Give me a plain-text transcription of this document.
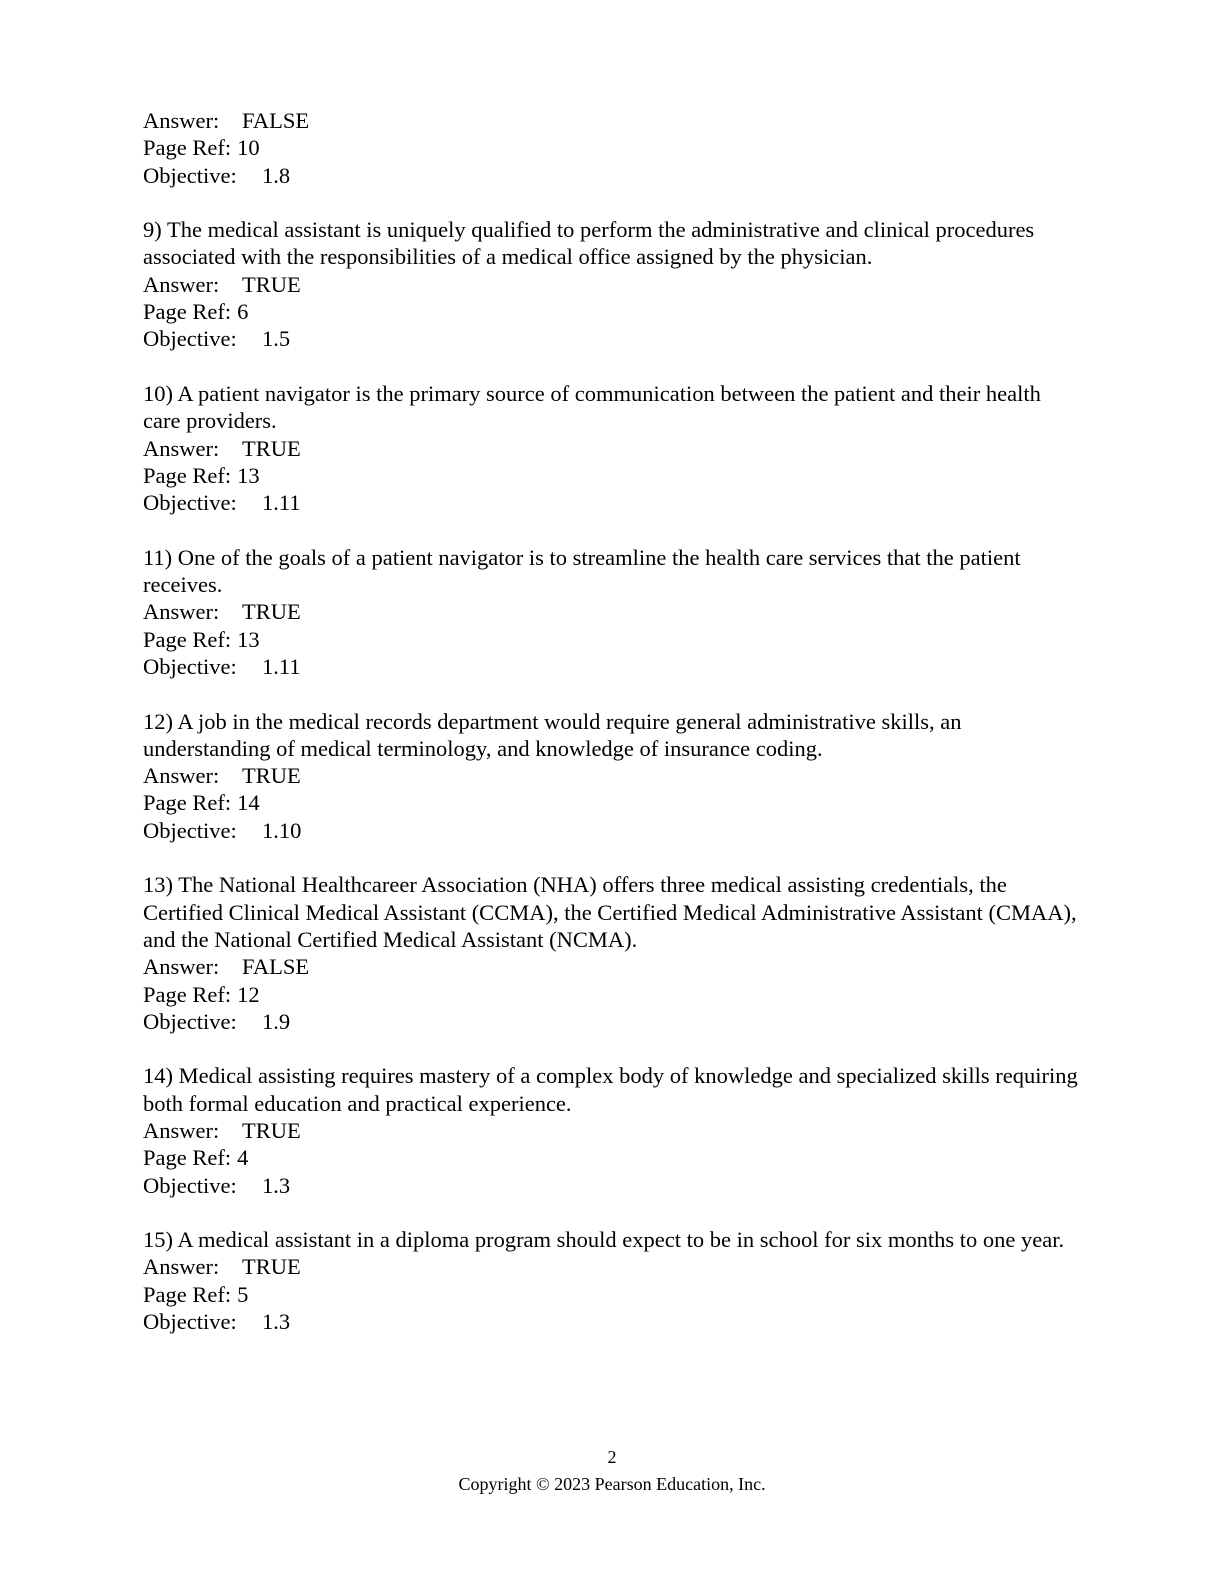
Answer: FALSE
Page Ref: 10
Objective: 1.8
9) The medical assistant is uniquely qualified to perform the administrative and clinical procedures associated with the responsibilities of a medical office assigned by the physician.
Answer: TRUE
Page Ref: 6
Objective: 1.5
10) A patient navigator is the primary source of communication between the patient and their health care providers.
Answer: TRUE
Page Ref: 13
Objective: 1.11
11) One of the goals of a patient navigator is to streamline the health care services that the patient receives.
Answer: TRUE
Page Ref: 13
Objective: 1.11
12) A job in the medical records department would require general administrative skills, an understanding of medical terminology, and knowledge of insurance coding.
Answer: TRUE
Page Ref: 14
Objective: 1.10
13) The National Healthcareer Association (NHA) offers three medical assisting credentials, the Certified Clinical Medical Assistant (CCMA), the Certified Medical Administrative Assistant (CMAA), and the National Certified Medical Assistant (NCMA).
Answer: FALSE
Page Ref: 12
Objective: 1.9
14) Medical assisting requires mastery of a complex body of knowledge and specialized skills requiring both formal education and practical experience.
Answer: TRUE
Page Ref: 4
Objective: 1.3
15) A medical assistant in a diploma program should expect to be in school for six months to one year.
Answer: TRUE
Page Ref: 5
Objective: 1.3
2
Copyright © 2023 Pearson Education, Inc.
